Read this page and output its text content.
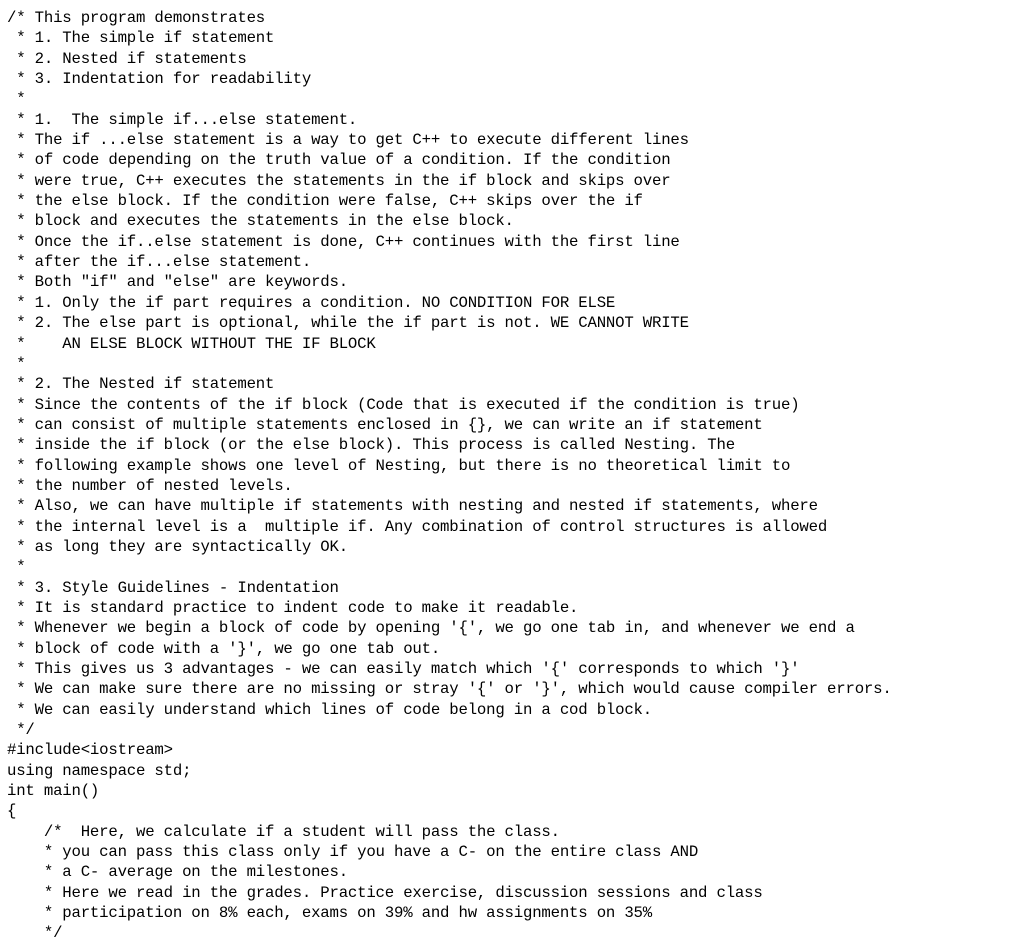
/* This program demonstrates
* 1. The simple if statement
* 2. Nested if statements
* 3. Indentation for readability
*
* 1.  The simple if...else statement.
* The if ...else statement is a way to get C++ to execute different lines
* of code depending on the truth value of a condition. If the condition
* were true, C++ executes the statements in the if block and skips over
* the else block. If the condition were false, C++ skips over the if
* block and executes the statements in the else block.
* Once the if..else statement is done, C++ continues with the first line
* after the if...else statement.
* Both "if" and "else" are keywords.
* 1. Only the if part requires a condition. NO CONDITION FOR ELSE
* 2. The else part is optional, while the if part is not. WE CANNOT WRITE
*    AN ELSE BLOCK WITHOUT THE IF BLOCK
*
* 2. The Nested if statement
* Since the contents of the if block (Code that is executed if the condition is true)
* can consist of multiple statements enclosed in {}, we can write an if statement
* inside the if block (or the else block). This process is called Nesting. The
* following example shows one level of Nesting, but there is no theoretical limit to
* the number of nested levels.
* Also, we can have multiple if statements with nesting and nested if statements, where
* the internal level is a  multiple if. Any combination of control structures is allowed
* as long they are syntactically OK.
*
* 3. Style Guidelines - Indentation
* It is standard practice to indent code to make it readable.
* Whenever we begin a block of code by opening '{', we go one tab in, and whenever we end a
* block of code with a '}', we go one tab out.
* This gives us 3 advantages - we can easily match which '{' corresponds to which '}'
* We can make sure there are no missing or stray '{' or '}', which would cause compiler errors.
* We can easily understand which lines of code belong in a cod block.
*/
#include<iostream>
using namespace std;
int main()
{
/*  Here, we calculate if a student will pass the class.
* you can pass this class only if you have a C- on the entire class AND
* a C- average on the milestones.
* Here we read in the grades. Practice exercise, discussion sessions and class
* participation on 8% each, exams on 39% and hw assignments on 35%
*/
